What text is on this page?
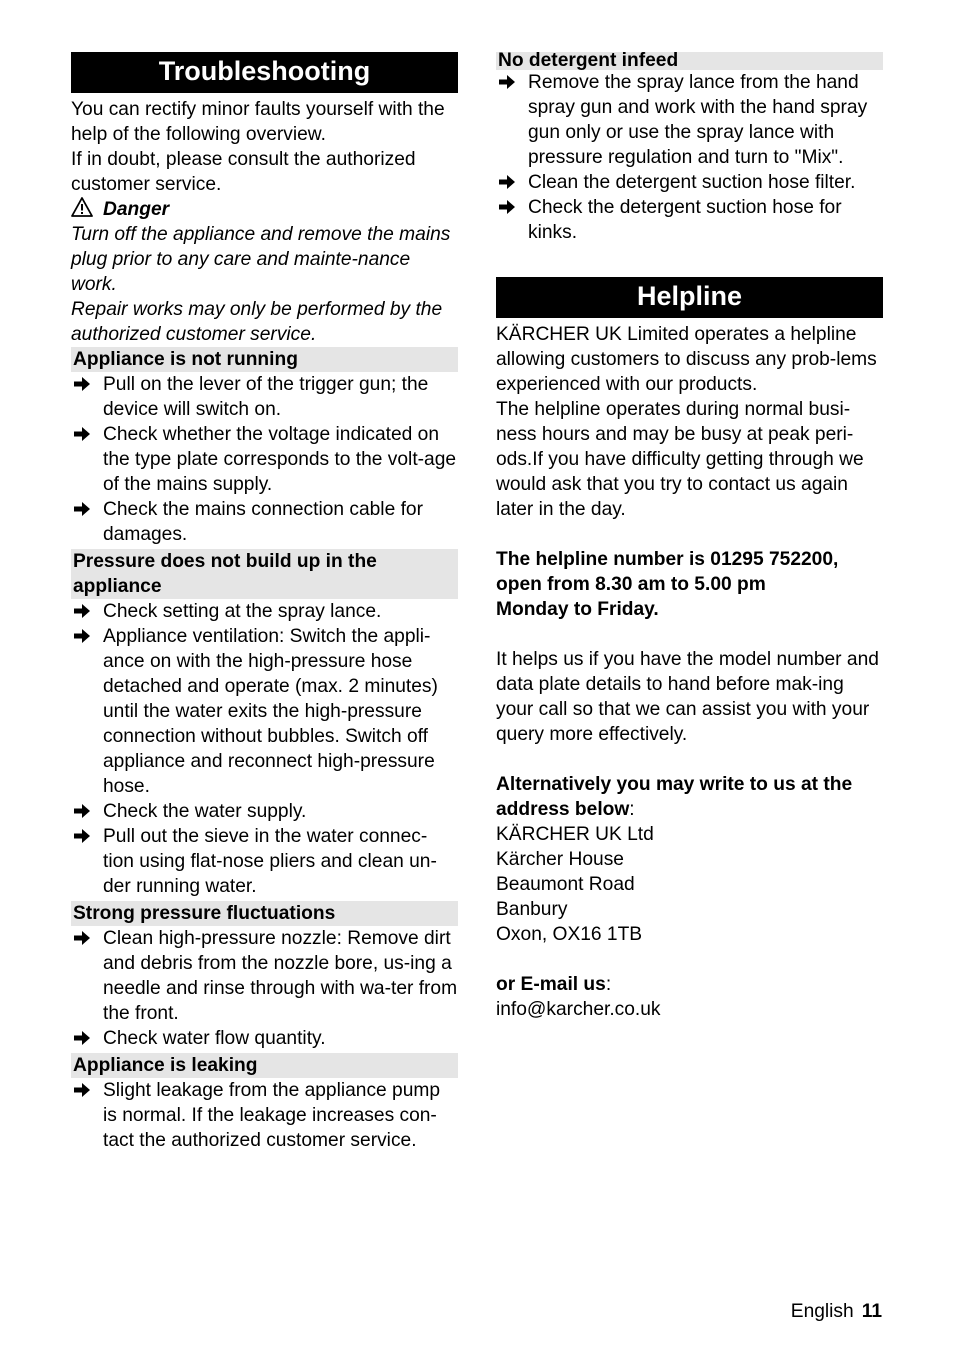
Troubleshooting

You can rectify minor faults yourself with the help of the following overview.

If in doubt, please consult the authorized customer service.

Danger

Turn off the appliance and remove the mains plug prior to any care and mainte-nance work.

Repair works may only be performed by the authorized customer service.

Appliance is not running
Pull on the lever of the trigger gun; the device will switch on.
Check whether the voltage indicated on the type plate corresponds to the volt-age of the mains supply.
Check the mains connection cable for damages.
Pressure does not build up in the appliance
Check setting at the spray lance.
Appliance ventilation: Switch the appli-ance on with the high-pressure hose detached and operate (max. 2 minutes) until the water exits the high-pressure connection without bubbles. Switch off appliance and reconnect high-pressure hose.
Check the water supply.
Pull out the sieve in the water connec-tion using flat-nose pliers and clean un-der running water.
Strong pressure fluctuations
Clean high-pressure nozzle: Remove dirt and debris from the nozzle bore, us-ing a needle and rinse through with wa-ter from the front.
Check water flow quantity.
Appliance is leaking
Slight leakage from the appliance pump is normal. If the leakage increases con-tact the authorized customer service.
No detergent infeed
Remove the spray lance from the hand spray gun and work with the hand spray gun only or use the spray lance with pressure regulation and turn to "Mix".
Clean the detergent suction hose filter.
Check the detergent suction hose for kinks.
Helpline

KÄRCHER UK Limited operates a helpline allowing customers to discuss any prob-lems experienced with our products.

The helpline operates during normal busi-ness hours and may be busy at peak peri-ods.If you have difficulty getting through we would ask that you try to contact us again later in the day.

The helpline number is 01295 752200,

open from 8.30 am to 5.00 pm

Monday to Friday.

It helps us if you have the model number and data plate details to hand before mak-ing your call so that we can assist you with your query more effectively.

Alternatively you may write to us at the address below:

KÄRCHER UK Ltd

Kärcher House

Beaumont Road

Banbury

Oxon, OX16 1TB

or E-mail us:

info@karcher.co.uk

English 11
